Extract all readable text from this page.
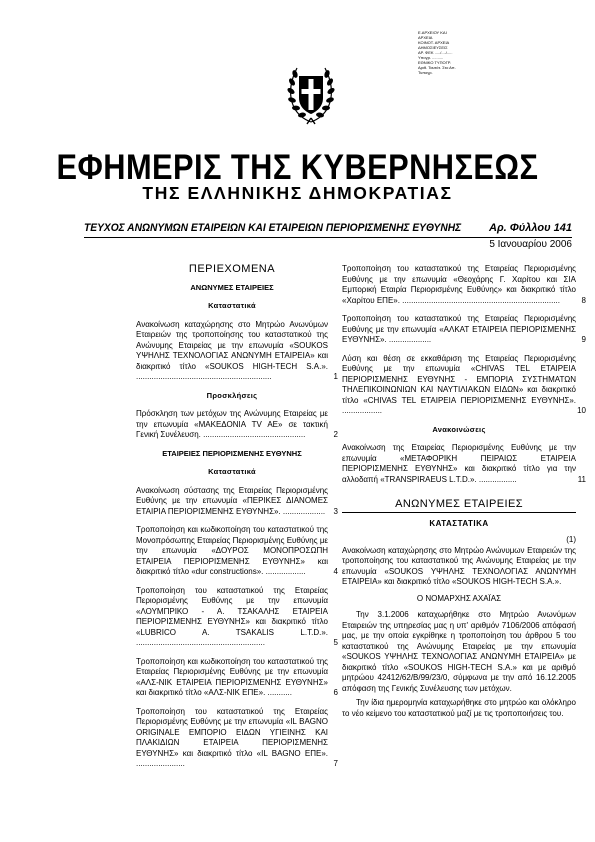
Ε.ΑΡΧΕΙΟΥ ΚΑΙ
ΑΡΧΕΙΑ
ΚΟΙΝΟΤ. ΑΡΧΕΙΑ
ΔΗΜΟΣΙΕΥΣΕΙΣ
ΑΡ. ΦΕΚ ...../..../.....
Υπογρ. ..........
ΕΘΝΙΚΟ ΤΥΠΟΓΡ.
Αριθ. Ταυτότ. Στο Απ.
Τυπογρ.
ΕΦΗΜΕΡΙΣ ΤΗΣ ΚΥΒΕΡΝΗΣΕΩΣ
ΤΗΣ ΕΛΛΗΝΙΚΗΣ ΔΗΜΟΚΡΑΤΙΑΣ
ΤΕΥΧΟΣ ΑΝΩΝΥΜΩΝ ΕΤΑΙΡΕΙΩΝ ΚΑΙ ΕΤΑΙΡΕΙΩΝ ΠΕΡΙΟΡΙΣΜΕΝΗΣ ΕΥΘΥΝΗΣ	Αρ. Φύλλου 141
5 Ιανουαρίου 2006
ΠΕΡΙΕΧΟΜΕΝΑ
ΑΝΩΝΥΜΕΣ ΕΤΑΙΡΕΙΕΣ
Καταστατικά

Ανακοίνωση καταχώρησης στο Μητρώο Ανωνύμων Εταιρειών της τροποποίησης του καταστατικού της Ανώνυμης Εταιρείας με την επωνυμία «SOUKOS ΥΨΗΛΗΣ ΤΕΧΝΟΛΟΓΙΑΣ ΑΝΩΝΥΜΗ ΕΤΑΙΡΕΙΑ» και διακριτικό τίτλο «SOUKOS HIGH-TECH S.A.». .............................................................	1
Προσκλήσεις

Πρόσκληση των μετόχων της Ανώνυμης Εταιρείας με την επωνυμία «ΜΑΚΕΔΟΝΙΑ TV AE» σε τακτική Γενική Συνέλευση. ..............................................	2
ΕΤΑΙΡΕΙΕΣ ΠΕΡΙΟΡΙΣΜΕΝΗΣ ΕΥΘΥΝΗΣ
Καταστατικά

Ανακοίνωση σύστασης της Εταιρείας Περιορισμένης Ευθύνης με την επωνυμία «ΠΕΡΙΚΕΣ ΔΙΑΝΟΜΕΣ ΕΤΑΙΡΙΑ ΠΕΡΙΟΡΙΣΜΕΝΗΣ ΕΥΘΥΝΗΣ». ...................	3

Τροποποίηση και κωδικοποίηση του καταστατικού της Μονοπρόσωπης Εταιρείας Περιορισμένης Ευθύνης με την επωνυμία «ΔΟΥΡΟΣ ΜΟΝΟΠΡΟΣΩΠΗ ΕΤΑΙΡΕΙΑ ΠΕΡΙΟΡΙΣΜΕΝΗΣ ΕΥΘΥΝΗΣ» και διακριτικό τίτλο «dur constructions». ..................	4

Τροποποίηση του καταστατικού της Εταιρείας Περιορισμένης Ευθύνης με την επωνυμία «ΛΟΥΜΠΡΙΚΟ - Α. ΤΣΑΚΑΛΗΣ ΕΤΑΙΡΕΙΑ ΠΕΡΙΟΡΙΣΜΕΝΗΣ ΕΥΘΥΝΗΣ» και διακριτικό τίτλο «LUBRICO A. TSAKALIS L.T.D.». ..........................................................	5

Τροποποίηση και κωδικοποίηση του καταστατικού της Εταιρείας Περιορισμένης Ευθύνης με την επωνυμία «ΑΛΣ-ΝΙΚ ΕΤΑΙΡΕΙΑ ΠΕΡΙΟΡΙΣΜΕΝΗΣ ΕΥΘΥΝΗΣ» και διακριτικό τίτλο «ΑΛΣ-ΝΙΚ ΕΠΕ». ...........	6

Τροποποίηση του καταστατικού της Εταιρείας Περιορισμένης Ευθύνης με την επωνυμία «IL BAGNO ORIGINALE ΕΜΠΟΡΙΟ ΕΙΔΩΝ ΥΓΙΕΙΝΗΣ ΚΑΙ ΠΛΑΚΙΔΙΩΝ ΕΤΑΙΡΕΙΑ ΠΕΡΙΟΡΙΣΜΕΝΗΣ ΕΥΘΥΝΗΣ» και διακριτικό τίτλο «IL BAGNO ΕΠΕ». ......................	7

Τροποποίηση του καταστατικού της Εταιρείας Περιορισμένης Ευθύνης με την επωνυμία «Θεοχάρης Γ. Χαρίτου και ΣΙΑ Εμπορική Εταιρία Περιορισμένης Ευθύνης» και διακριτικό τίτλο «Χαρίτου ΕΠΕ». .......................................................................	8

Τροποποίηση του καταστατικού της Εταιρείας Περιορισμένης Ευθύνης με την επωνυμία «ΑΛΚΑΤ ΕΤΑΙΡΕΙΑ ΠΕΡΙΟΡΙΣΜΕΝΗΣ ΕΥΘΥΝΗΣ». ...................	9

Λύση και θέση σε εκκαθάριση της Εταιρείας Περιορισμένης Ευθύνης με την επωνυμία «CHIVAS TEL ΕΤΑΙΡΕΙΑ ΠΕΡΙΟΡΙΣΜΕΝΗΣ ΕΥΘΥΝΗΣ - ΕΜΠΟΡΙΑ ΣΥΣΤΗΜΑΤΩΝ ΤΗΛΕΠΙΚΟΙΝΩΝΙΩΝ ΚΑΙ ΝΑΥΤΙΛΙΑΚΩΝ ΕΙΔΩΝ» και διακριτικό τίτλο «CHIVAS TEL ΕΤΑΙΡΕΙΑ ΠΕΡΙΟΡΙΣΜΕΝΗΣ ΕΥΘΥΝΗΣ». ..................	10
Ανακοινώσεις

Ανακοίνωση της Εταιρείας Περιορισμένης Ευθύνης με την επωνυμία «ΜΕΤΑΦΟΡΙΚΗ ΠΕΙΡΑΙΩΣ ΕΤΑΙΡΕΙΑ ΠΕΡΙΟΡΙΣΜΕΝΗΣ ΕΥΘΥΝΗΣ» και διακριτικό τίτλο για την αλλοδαπή «TRANSPIRAEUS L.T.D.». .................	11
ΑΝΩΝΥΜΕΣ ΕΤΑΙΡΕΙΕΣ
ΚΑΤΑΣΤΑΤΙΚΑ
(1)

Ανακοίνωση καταχώρησης στο Μητρώο Ανώνυμων Εταιρειών της τροποποίησης του καταστατικού της Ανώνυμης Εταιρείας με την επωνυμία «SOUKOS ΥΨΗΛΗΣ ΤΕΧΝΟΛΟΓΙΑΣ ΑΝΩΝΥΜΗ ΕΤΑΙΡΕΙΑ» και διακριτικό τίτλο «SOUKOS HIGH-TECH S.A.».

Ο ΝΟΜΑΡΧΗΣ ΑΧΑΪΑΣ

Την 3.1.2006 καταχωρήθηκε στο Μητρώο Ανωνύμων Εταιρειών της υπηρεσίας μας η υπ' αριθμόν 7106/2006 απόφασή μας, με την οποία εγκρίθηκε η τροποποίηση του άρθρου 5 του καταστατικού της Ανώνυμης Εταιρείας με την επωνυμία «SOUKOS ΥΨΗΛΗΣ ΤΕΧΝΟΛΟΓΙΑΣ ΑΝΩΝΥΜΗ ΕΤΑΙΡΕΙΑ» με διακριτικό τίτλο «SOUKOS HIGH-TECH S.A.» και με αριθμό μητρώου 42412/62/Β/99/23/0, σύμφωνα με την από 16.12.2005 απόφαση της Γενικής Συνέλευσης των μετόχων.

Την ίδια ημερομηνία καταχωρήθηκε στο μητρώο και ολόκληρο το νέο κείμενο του καταστατικού μαζί με τις τροποποιήσεις του.
